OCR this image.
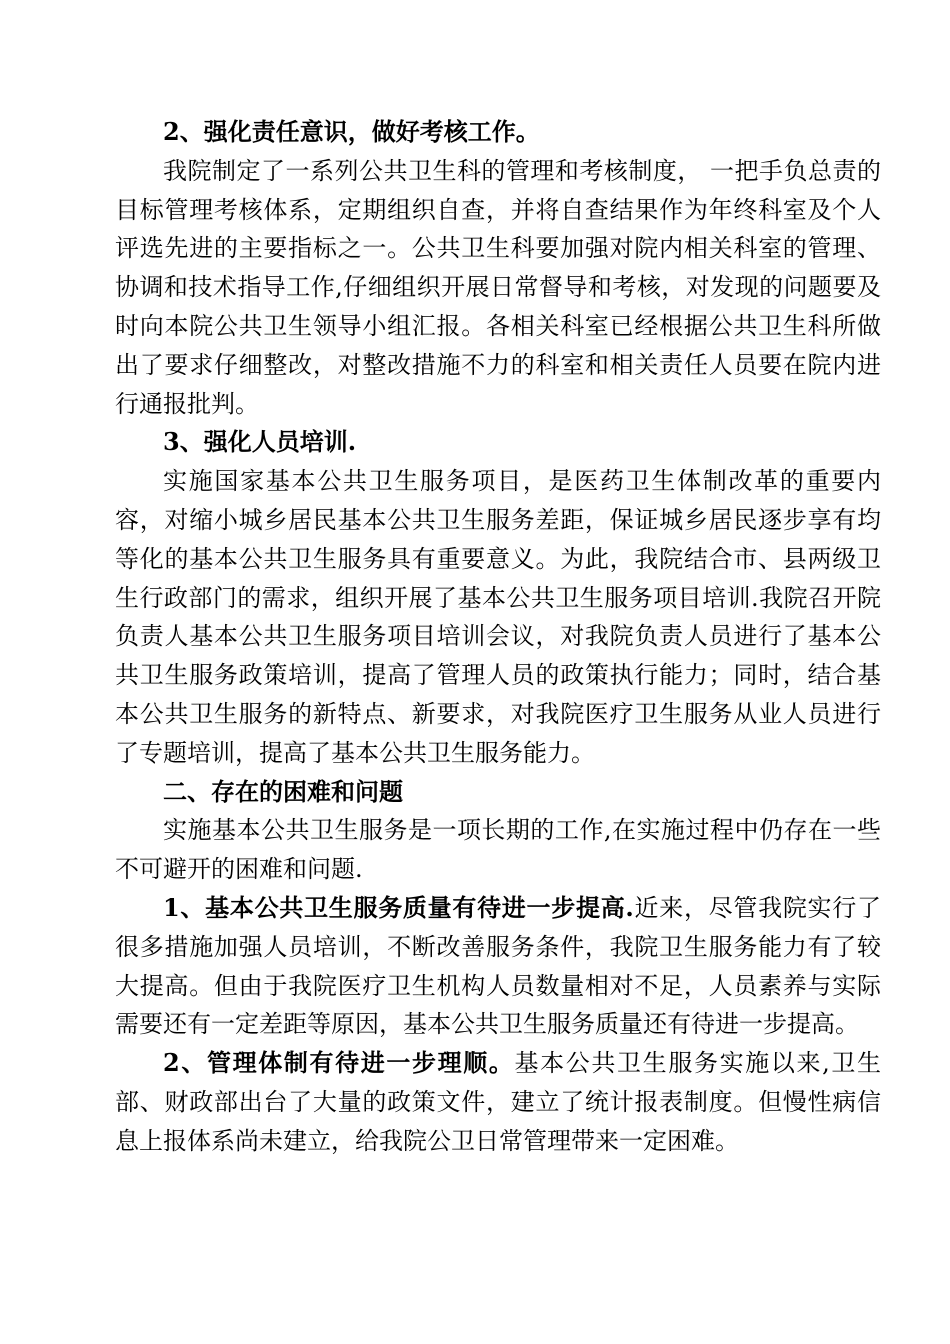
2、强化责任意识，做好考核工作。

我院制定了一系列公共卫生科的管理和考核制度， 一把手负总责的目标管理考核体系，定期组织自查，并将自查结果作为年终科室及个人评选先进的主要指标之一。公共卫生科要加强对院内相关科室的管理、协调和技术指导工作,仔细组织开展日常督导和考核，对发现的问题要及时向本院公共卫生领导小组汇报。各相关科室已经根据公共卫生科所做出了要求仔细整改，对整改措施不力的科室和相关责任人员要在院内进行通报批判。

3、强化人员培训.

实施国家基本公共卫生服务项目，是医药卫生体制改革的重要内容，对缩小城乡居民基本公共卫生服务差距，保证城乡居民逐步享有均等化的基本公共卫生服务具有重要意义。为此，我院结合市、县两级卫生行政部门的需求，组织开展了基本公共卫生服务项目培训.我院召开院负责人基本公共卫生服务项目培训会议，对我院负责人员进行了基本公共卫生服务政策培训，提高了管理人员的政策执行能力；同时，结合基本公共卫生服务的新特点、新要求，对我院医疗卫生服务从业人员进行了专题培训，提高了基本公共卫生服务能力。

二、存在的困难和问题

实施基本公共卫生服务是一项长期的工作,在实施过程中仍存在一些不可避开的困难和问题.

1、基本公共卫生服务质量有待进一步提高.近来，尽管我院实行了很多措施加强人员培训，不断改善服务条件，我院卫生服务能力有了较大提高。但由于我院医疗卫生机构人员数量相对不足，人员素养与实际需要还有一定差距等原因，基本公共卫生服务质量还有待进一步提高。

2、管理体制有待进一步理顺。基本公共卫生服务实施以来,卫生部、财政部出台了大量的政策文件，建立了统计报表制度。但慢性病信息上报体系尚未建立，给我院公卫日常管理带来一定困难。
